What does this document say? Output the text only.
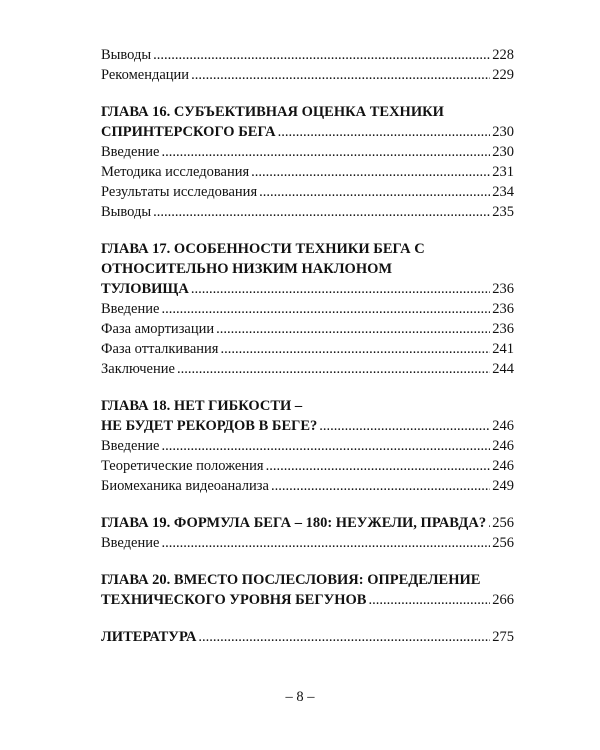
Выводы .....	228
Рекомендации .....	229
ГЛАВА 16. СУБЪЕКТИВНАЯ ОЦЕНКА ТЕХНИКИ
СПРИНТЕРСКОГО БЕГА .....	230
Введение .....	230
Методика исследования .....	231
Результаты исследования .....	234
Выводы .....	235
ГЛАВА 17. ОСОБЕННОСТИ ТЕХНИКИ БЕГА С
ОТНОСИТЕЛЬНО НИЗКИМ НАКЛОНОМ
ТУЛОВИЩА .....	236
Введение .....	236
Фаза амортизации .....	236
Фаза отталкивания .....	241
Заключение .....	244
ГЛАВА 18. НЕТ ГИБКОСТИ –
НЕ БУДЕТ РЕКОРДОВ В БЕГЕ? .....	246
Введение .....	246
Теоретические положения .....	246
Биомеханика видеоанализа .....	249
ГЛАВА 19. ФОРМУЛА БЕГА – 180: НЕУЖЕЛИ, ПРАВДА? ..... 256
Введение .....	256
ГЛАВА 20. ВМЕСТО ПОСЛЕСЛОВИЯ: ОПРЕДЕЛЕНИЕ
ТЕХНИЧЕСКОГО УРОВНЯ БЕГУНОВ .....	266
ЛИТЕРАТУРА .....	275
– 8 –
